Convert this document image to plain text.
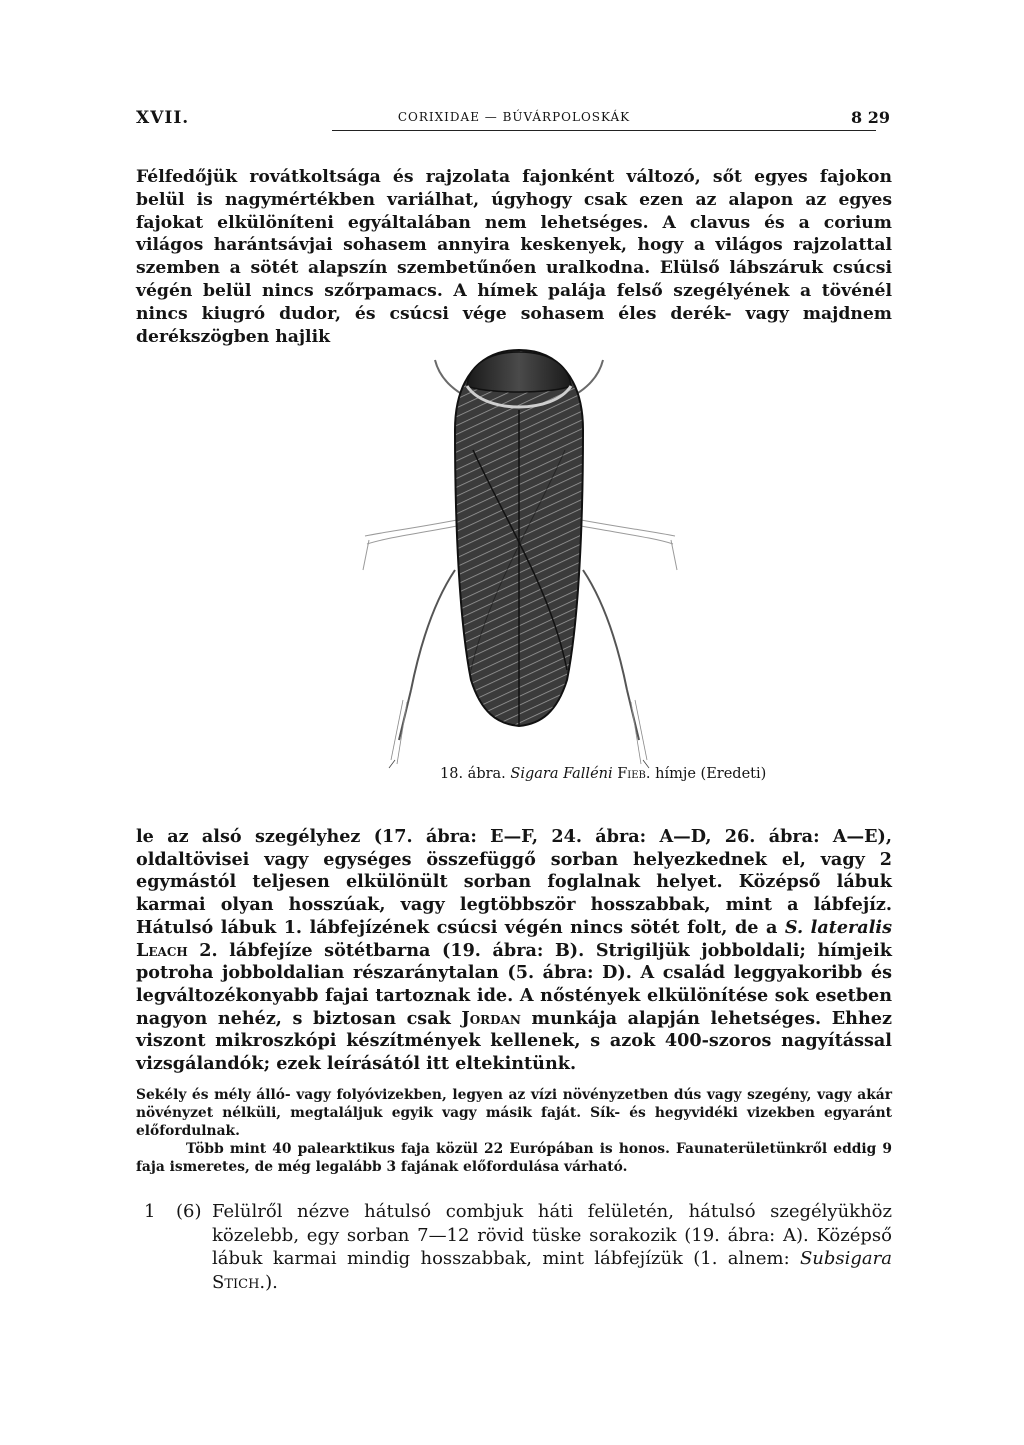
XVII.	CORIXIDAE — BÚVÁRPOLOSKÁK	8 29

Félfedőjük rovátkoltsága és rajzolata fajonként változó, sőt egyes fajokon belül is nagymértékben variálhat, úgyhogy csak ezen az alapon az egyes fajokat elkülöníteni egyáltalában nem lehetséges. A clavus és a corium világos harántsávjai sohasem annyira keskenyek, hogy a világos rajzolattal szemben a sötét alapszín szembetűnően uralkodna. Elülső lábszáruk csúcsi végén belül nincs szőrpamacs. A hímek palája felső szegélyének a tövénél nincs kiugró dudor, és csúcsi vége sohasem éles derék- vagy majdnem derékszögben hajlik

18. ábra. Sigara Falléni Fieb. hímje (Eredeti)

le az alsó szegélyhez (17. ábra: E—F, 24. ábra: A—D, 26. ábra: A—E), oldaltövisei vagy egységes összefüggő sorban helyezkednek el, vagy 2 egymástól teljesen elkülönült sorban foglalnak helyet. Középső lábuk karmai olyan hosszúak, vagy legtöbbször hosszabbak, mint a lábfejíz. Hátulsó lábuk 1. lábfejízének csúcsi végén nincs sötét folt, de a S. lateralis Leach 2. lábfejíze sötétbarna (19. ábra: B). Strigiljük jobboldali; hímjeik potroha jobboldalian részaránytalan (5. ábra: D). A család leggyakoribb és legváltozékonyabb fajai tartoznak ide. A nőstények elkülönítése sok esetben nagyon nehéz, s biztosan csak Jordan munkája alapján lehetséges. Ehhez viszont mikroszkópi készítmények kellenek, s azok 400-szoros nagyítással vizsgálandók; ezek leírásától itt eltekintünk.

Sekély és mély álló- vagy folyóvizekben, legyen az vízi növényzetben dús vagy szegény, vagy akár növényzet nélküli, megtaláljuk egyik vagy másik faját. Sík- és hegyvidéki vizekben egyaránt előfordulnak.

Több mint 40 palearktikus faja közül 22 Európában is honos. Faunaterületünkről eddig 9 faja ismeretes, de még legalább 3 fajának előfordulása várható.

1 (6) Felülről nézve hátulsó combjuk háti felületén, hátulsó szegélyükhöz közelebb, egy sorban 7—12 rövid tüske sorakozik (19. ábra: A). Középső lábuk karmai mindig hosszabbak, mint lábfejízük (1. alnem: Subsigara Stich.).
